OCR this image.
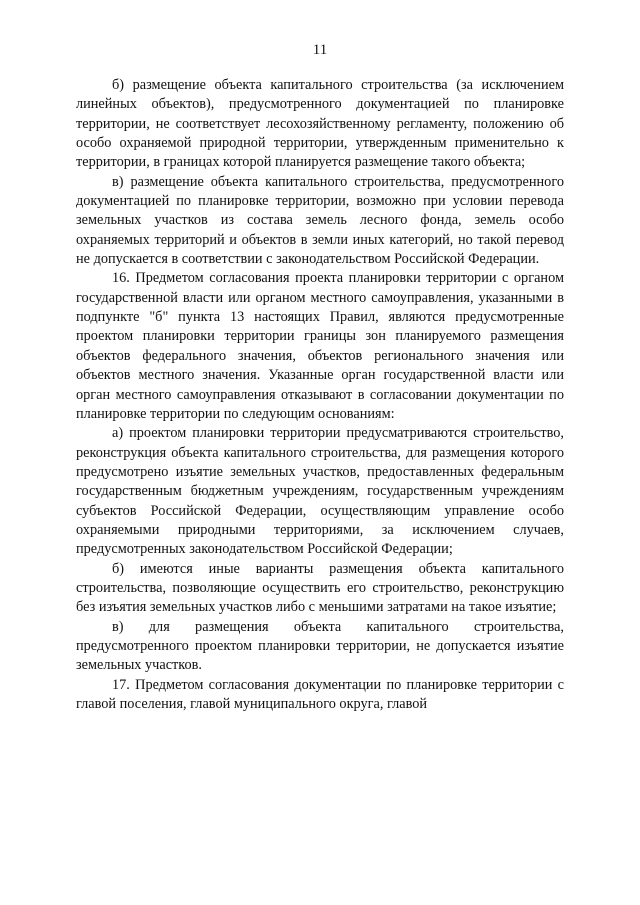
11

б) размещение объекта капитального строительства (за исключением линейных объектов), предусмотренного документацией по планировке территории, не соответствует лесохозяйственному регламенту, положению об особо охраняемой природной территории, утвержденным применительно к территории, в границах которой планируется размещение такого объекта;

в) размещение объекта капитального строительства, предусмотренного документацией по планировке территории, возможно при условии перевода земельных участков из состава земель лесного фонда, земель особо охраняемых территорий и объектов в земли иных категорий, но такой перевод не допускается в соответствии с законодательством Российской Федерации.

16. Предметом согласования проекта планировки территории с органом государственной власти или органом местного самоуправления, указанными в подпункте "б" пункта 13 настоящих Правил, являются предусмотренные проектом планировки территории границы зон планируемого размещения объектов федерального значения, объектов регионального значения или объектов местного значения. Указанные орган государственной власти или орган местного самоуправления отказывают в согласовании документации по планировке территории по следующим основаниям:

а) проектом планировки территории предусматриваются строительство, реконструкция объекта капитального строительства, для размещения которого предусмотрено изъятие земельных участков, предоставленных федеральным государственным бюджетным учреждениям, государственным учреждениям субъектов Российской Федерации, осуществляющим управление особо охраняемыми природными территориями, за исключением случаев, предусмотренных законодательством Российской Федерации;

б) имеются иные варианты размещения объекта капитального строительства, позволяющие осуществить его строительство, реконструкцию без изъятия земельных участков либо с меньшими затратами на такое изъятие;

в) для размещения объекта капитального строительства, предусмотренного проектом планировки территории, не допускается изъятие земельных участков.

17. Предметом согласования документации по планировке территории с главой поселения, главой муниципального округа, главой
